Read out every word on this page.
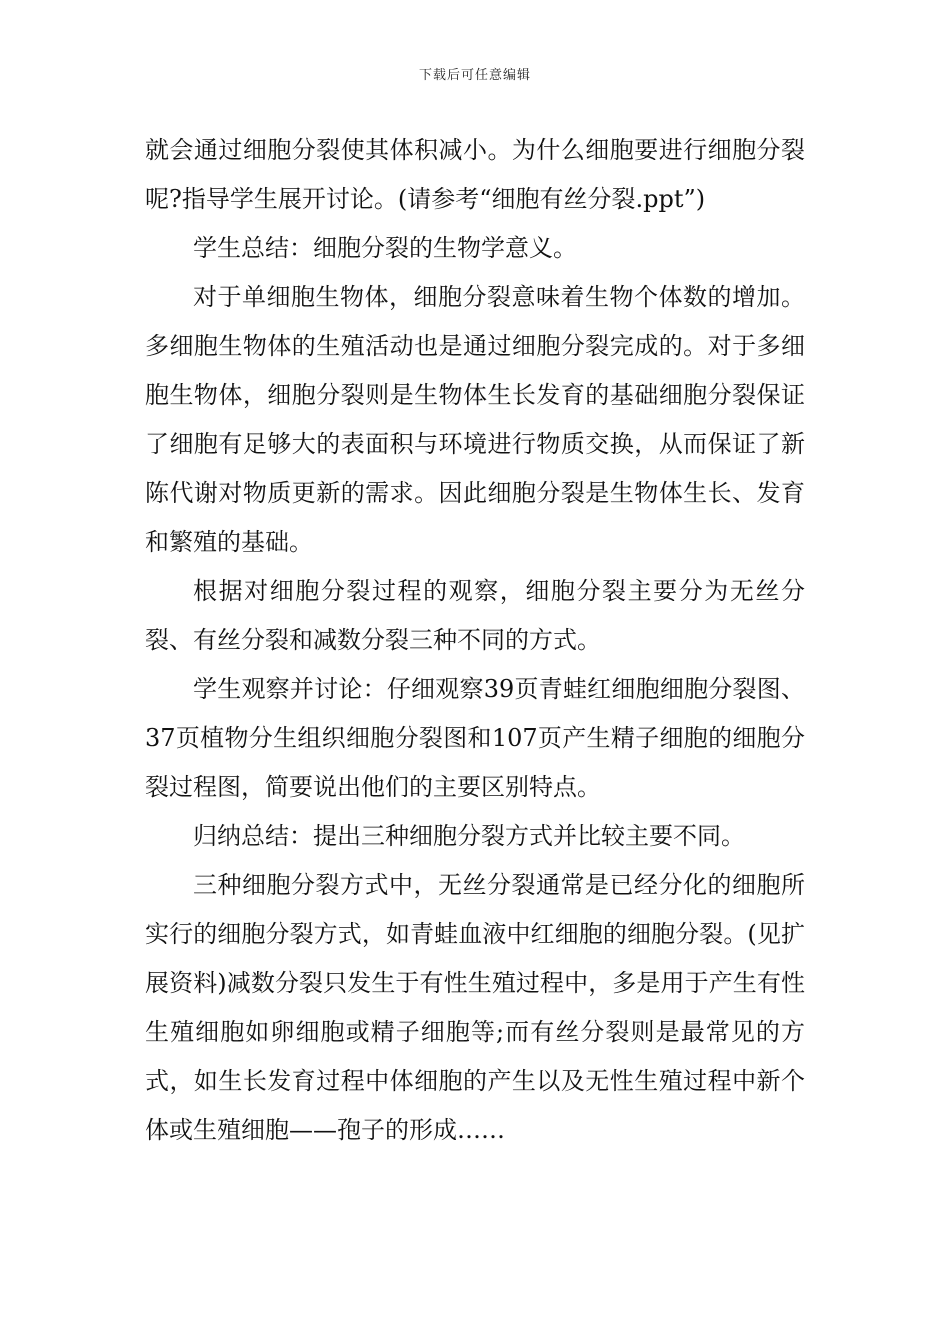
下载后可任意编辑

就会通过细胞分裂使其体积减小。为什么细胞要进行细胞分裂呢?指导学生展开讨论。(请参考“细胞有丝分裂.ppt”)

学生总结：细胞分裂的生物学意义。

对于单细胞生物体，细胞分裂意味着生物个体数的增加。多细胞生物体的生殖活动也是通过细胞分裂完成的。对于多细胞生物体，细胞分裂则是生物体生长发育的基础细胞分裂保证了细胞有足够大的表面积与环境进行物质交换，从而保证了新陈代谢对物质更新的需求。因此细胞分裂是生物体生长、发育和繁殖的基础。

根据对细胞分裂过程的观察，细胞分裂主要分为无丝分裂、有丝分裂和减数分裂三种不同的方式。

学生观察并讨论：仔细观察39页青蛙红细胞细胞分裂图、37页植物分生组织细胞分裂图和107页产生精子细胞的细胞分裂过程图，简要说出他们的主要区别特点。

归纳总结：提出三种细胞分裂方式并比较主要不同。

三种细胞分裂方式中，无丝分裂通常是已经分化的细胞所实行的细胞分裂方式，如青蛙血液中红细胞的细胞分裂。(见扩展资料)减数分裂只发生于有性生殖过程中，多是用于产生有性生殖细胞如卵细胞或精子细胞等;而有丝分裂则是最常见的方式，如生长发育过程中体细胞的产生以及无性生殖过程中新个体或生殖细胞——孢子的形成……
